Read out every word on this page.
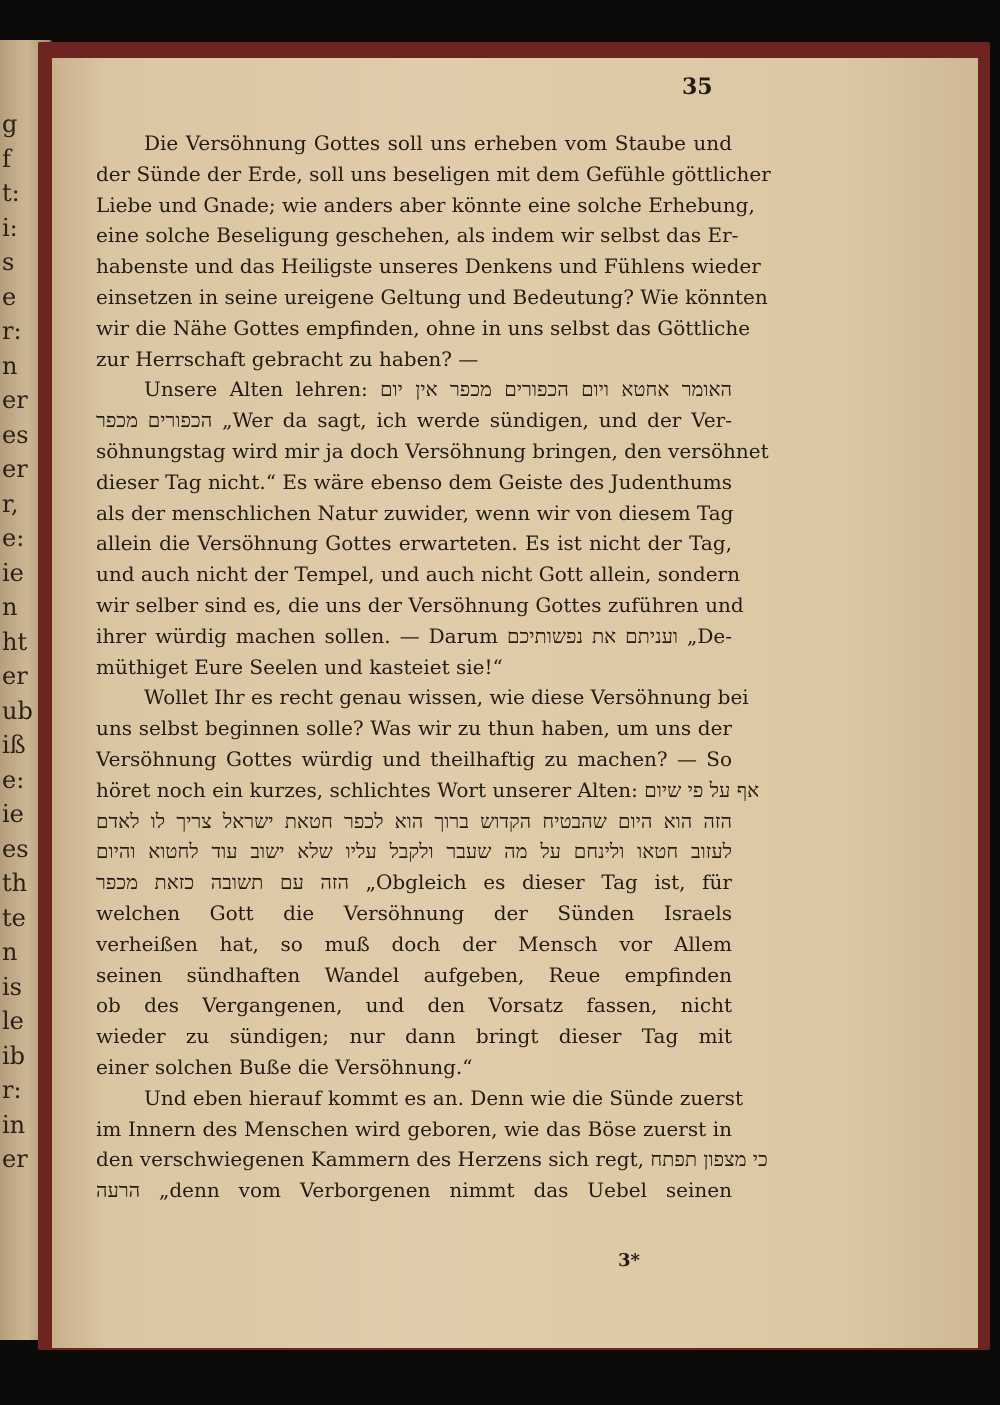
g
f
t:
i:
s
e
r:
n
er
es
er
r,
e:
ie
n
ht
er
ub
iß
e:
ie
es
th
te
n
is
le
ib
r:
in
er
35
Die Versöhnung Gottes soll uns erheben vom Staube und
der Sünde der Erde, soll uns beseligen mit dem Gefühle göttlicher
Liebe und Gnade; wie anders aber könnte eine solche Erhebung,
eine solche Beseligung geschehen, als indem wir selbst das Er-
habenste und das Heiligste unseres Denkens und Fühlens wieder
einsetzen in seine ureigene Geltung und Bedeutung? Wie könnten
wir die Nähe Gottes empfinden, ohne in uns selbst das Göttliche
zur Herrschaft gebracht zu haben? —
Unsere Alten lehren: האומר אחטא ויום הכפורים מכפר אין יום
הכפורים מכפר „Wer da sagt, ich werde sündigen, und der Ver-
söhnungstag wird mir ja doch Versöhnung bringen, den versöhnet
dieser Tag nicht.“ Es wäre ebenso dem Geiste des Judenthums
als der menschlichen Natur zuwider, wenn wir von diesem Tag
allein die Versöhnung Gottes erwarteten. Es ist nicht der Tag,
und auch nicht der Tempel, und auch nicht Gott allein, sondern
wir selber sind es, die uns der Versöhnung Gottes zuführen und
ihrer würdig machen sollen. — Darum ועניתם את נפשותיכם „De-
müthiget Eure Seelen und kasteiet sie!“
Wollet Ihr es recht genau wissen, wie diese Versöhnung bei
uns selbst beginnen solle? Was wir zu thun haben, um uns der
Versöhnung Gottes würdig und theilhaftig zu machen? — So
höret noch ein kurzes, schlichtes Wort unserer Alten: אף על פי שיום
הזה הוא היום שהבטיח הקדוש ברוך הוא לכפר חטאת ישראל צריך לו לאדם
לעזוב חטאו ולינחם על מה שעבר ולקבל עליו שלא ישוב עוד לחטוא והיום
הזה עם תשובה כזאת מכפר „Obgleich es dieser Tag ist, für
welchen Gott die Versöhnung der Sünden Israels
verheißen hat, so muß doch der Mensch vor Allem
seinen sündhaften Wandel aufgeben, Reue empfinden
ob des Vergangenen, und den Vorsatz fassen, nicht
wieder zu sündigen; nur dann bringt dieser Tag mit
einer solchen Buße die Versöhnung.“
Und eben hierauf kommt es an. Denn wie die Sünde zuerst
im Innern des Menschen wird geboren, wie das Böse zuerst in
den verschwiegenen Kammern des Herzens sich regt, כי מצפון תפתח
הרעה „denn vom Verborgenen nimmt das Uebel seinen
3*
